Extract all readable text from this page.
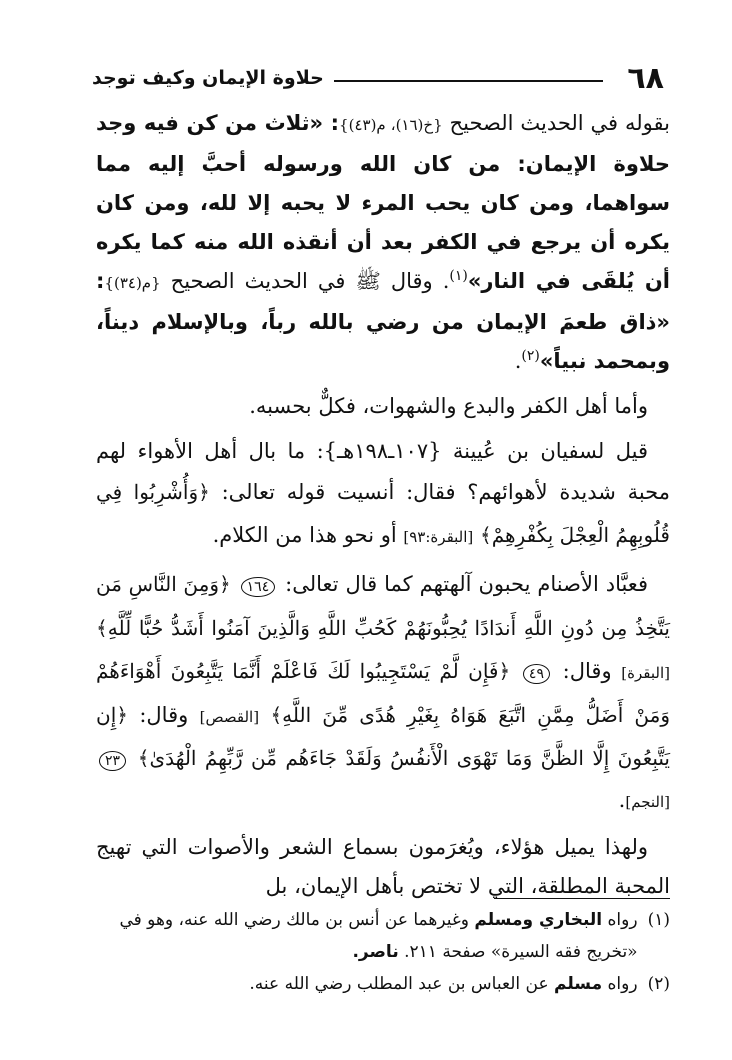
٦٨
حلاوة الإيمان وكيف توجد

بقوله في الحديث الصحيح {خ(١٦)، م(٤٣)}: «ثلاث من كن فيه وجد حلاوة الإيمان: من كان الله ورسوله أحبَّ إليه مما سواهما، ومن كان يحب المرء لا يحبه إلا لله، ومن كان يكره أن يرجع في الكفر بعد أن أنقذه الله منه كما يكره أن يُلقَى في النار»$^{(١)}$. وقال ﷺ في الحديث الصحيح {م(٣٤)}: «ذاق طعمَ الإيمان من رضي بالله رباً، وبالإسلام ديناً، وبمحمد نبياً»$^{(٢)}$.

وأما أهل الكفر والبدع والشهوات، فكلٌّ بحسبه.

قيل لسفيان بن عُيينة {١٠٧ـ١٩٨هـ}: ما بال أهل الأهواء لهم محبة شديدة لأهوائهم؟ فقال: أنسيت قوله تعالى: ﴿وَأُشْرِبُوا فِي قُلُوبِهِمُ الْعِجْلَ بِكُفْرِهِمْ﴾ [البقرة:٩٣] أو نحو هذا من الكلام.

فعبَّاد الأصنام يحبون آلهتهم كما قال تعالى: ١٦٤ ﴿وَمِنَ النَّاسِ مَن يَتَّخِذُ مِن دُونِ اللَّهِ أَندَادًا يُحِبُّونَهُمْ كَحُبِّ اللَّهِ وَالَّذِينَ آمَنُوا أَشَدُّ حُبًّا لِّلَّهِ﴾ [البقرة] وقال: ٤٩ ﴿فَإِن لَّمْ يَسْتَجِيبُوا لَكَ فَاعْلَمْ أَنَّمَا يَتَّبِعُونَ أَهْوَاءَهُمْ وَمَنْ أَضَلُّ مِمَّنِ اتَّبَعَ هَوَاهُ بِغَيْرِ هُدًى مِّنَ اللَّهِ﴾ [القصص] وقال: ﴿إِن يَتَّبِعُونَ إِلَّا الظَّنَّ وَمَا تَهْوَى الْأَنفُسُ وَلَقَدْ جَاءَهُم مِّن رَّبِّهِمُ الْهُدَىٰ﴾ ٢٣ [النجم].

ولهذا يميل هؤلاء، ويُغرَمون بسماع الشعر والأصوات التي تهيج المحبة المطلقة، التي لا تختص بأهل الإيمان، بل

(١)
رواه البخاري ومسلم وغيرهما عن أنس بن مالك رضي الله عنه، وهو في «تخريج فقه السيرة» صفحة ٢١١. ناصر.

(٢)
رواه مسلم عن العباس بن عبد المطلب رضي الله عنه.
